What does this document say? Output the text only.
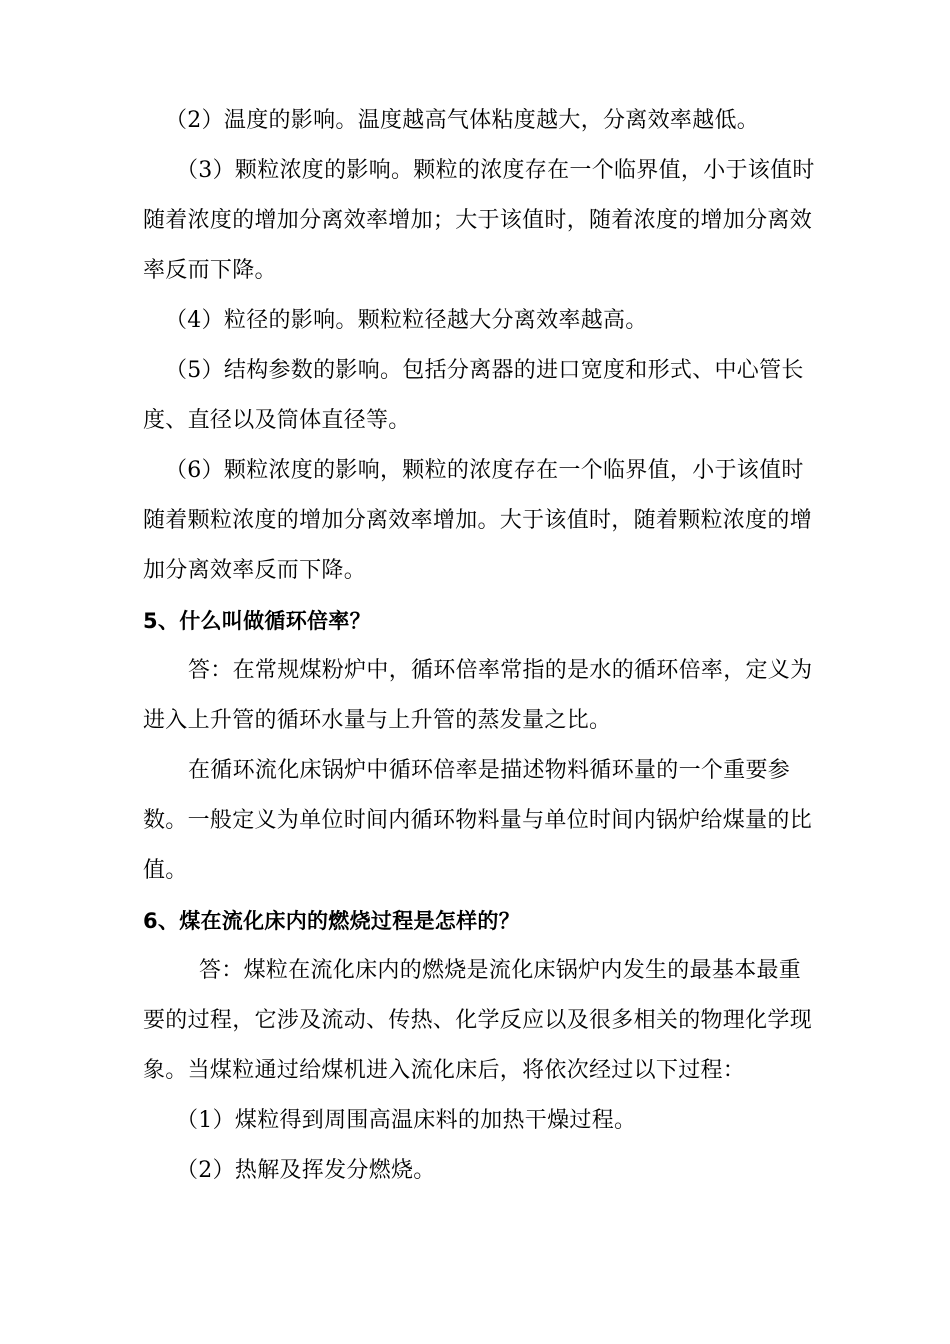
（2）温度的影响。温度越高气体粘度越大，分离效率越低。
（3）颗粒浓度的影响。颗粒的浓度存在一个临界值，小于该值时
随着浓度的增加分离效率增加；大于该值时，随着浓度的增加分离效
率反而下降。
（4）粒径的影响。颗粒粒径越大分离效率越高。
（5）结构参数的影响。包括分离器的进口宽度和形式、中心管长
度、直径以及筒体直径等。
（6）颗粒浓度的影响，颗粒的浓度存在一个临界值，小于该值时
随着颗粒浓度的增加分离效率增加。大于该值时，随着颗粒浓度的增
加分离效率反而下降。
5、什么叫做循环倍率？
答：在常规煤粉炉中，循环倍率常指的是水的循环倍率，定义为
进入上升管的循环水量与上升管的蒸发量之比。
在循环流化床锅炉中循环倍率是描述物料循环量的一个重要参
数。一般定义为单位时间内循环物料量与单位时间内锅炉给煤量的比
值。
6、煤在流化床内的燃烧过程是怎样的？
答：煤粒在流化床内的燃烧是流化床锅炉内发生的最基本最重
要的过程，它涉及流动、传热、化学反应以及很多相关的物理化学现
象。当煤粒通过给煤机进入流化床后，将依次经过以下过程：
（1）煤粒得到周围高温床料的加热干燥过程。
（2）热解及挥发分燃烧。
